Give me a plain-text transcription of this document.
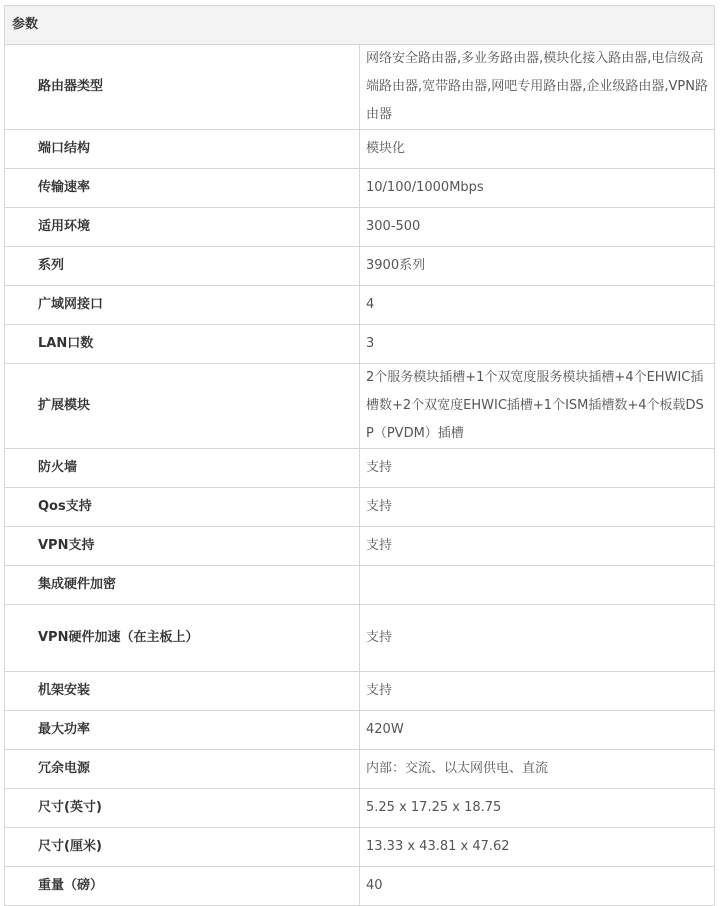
参数	
路由器类型	网络安全路由器,多业务路由器,模块化接入路由器,电信级高端路由器,宽带路由器,网吧专用路由器,企业级路由器,VPN路由器
端口结构	模块化
传输速率	10/100/1000Mbps
适用环境	300-500
系列	3900系列
广域网接口	4
LAN口数	3
扩展模块	2个服务模块插槽+1个双宽度服务模块插槽+4个EHWIC插槽数+2个双宽度EHWIC插槽+1个ISM插槽数+4个板载DSP（PVDM）插槽
防火墙	支持
Qos支持	支持
VPN支持	支持
集成硬件加密	
VPN硬件加速（在主板上）	支持
机架安装	支持
最大功率	420W
冗余电源	内部：交流、以太网供电、直流
尺寸(英寸)	5.25 x 17.25 x 18.75
尺寸(厘米)	13.33 x 43.81 x 47.62
重量（磅）	40
